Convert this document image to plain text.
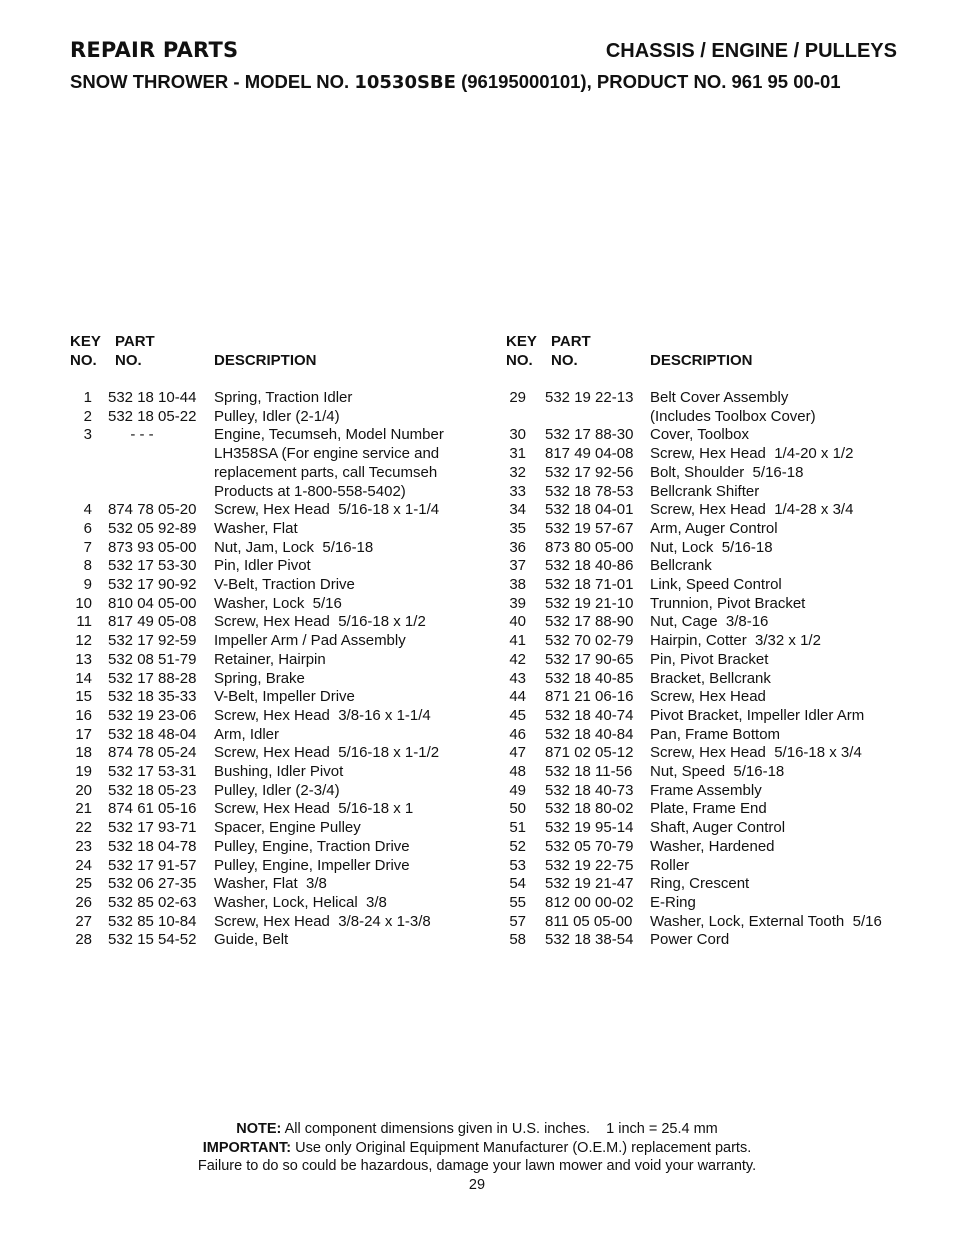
REPAIR PARTS	CHASSIS / ENGINE / PULLEYS
SNOW THROWER - MODEL NO. 10530SBE (96195000101), PRODUCT NO. 961 95 00-01
KEY
NO.
PART
NO.	DESCRIPTION
1	532 18 10-44	Spring, Traction Idler
2	532 18 05-22	Pulley, Idler (2-1/4)
3	- - -	Engine, Tecumseh, Model Number
LH358SA (For engine service and
replacement parts, call Tecumseh
Products at 1-800-558-5402)
4	874 78 05-20	Screw, Hex Head  5/16-18 x 1-1/4
6	532 05 92-89	Washer, Flat
7	873 93 05-00	Nut, Jam, Lock  5/16-18
8	532 17 53-30	Pin, Idler Pivot
9	532 17 90-92	V-Belt, Traction Drive
10	810 04 05-00	Washer, Lock  5/16
11	817 49 05-08	Screw, Hex Head  5/16-18 x 1/2
12	532 17 92-59	Impeller Arm / Pad Assembly
13	532 08 51-79	Retainer, Hairpin
14	532 17 88-28	Spring, Brake
15	532 18 35-33	V-Belt, Impeller Drive
16	532 19 23-06	Screw, Hex Head  3/8-16 x 1-1/4
17	532 18 48-04	Arm, Idler
18	874 78 05-24	Screw, Hex Head  5/16-18 x 1-1/2
19	532 17 53-31	Bushing, Idler Pivot
20	532 18 05-23	Pulley, Idler (2-3/4)
21	874 61 05-16	Screw, Hex Head  5/16-18 x 1
22	532 17 93-71	Spacer, Engine Pulley
23	532 18 04-78	Pulley, Engine, Traction Drive
24	532 17 91-57	Pulley, Engine, Impeller Drive
25	532 06 27-35	Washer, Flat  3/8
26	532 85 02-63	Washer, Lock, Helical  3/8
27	532 85 10-84	Screw, Hex Head  3/8-24 x 1-3/8
28	532 15 54-52	Guide, Belt
KEY
NO.
PART
NO.	DESCRIPTION
29	532 19 22-13	Belt Cover Assembly
(Includes Toolbox Cover)
30	532 17 88-30	Cover, Toolbox
31	817 49 04-08	Screw, Hex Head  1/4-20 x 1/2
32	532 17 92-56	Bolt, Shoulder  5/16-18
33	532 18 78-53	Bellcrank Shifter
34	532 18 04-01	Screw, Hex Head  1/4-28 x 3/4
35	532 19 57-67	Arm, Auger Control
36	873 80 05-00	Nut, Lock  5/16-18
37	532 18 40-86	Bellcrank
38	532 18 71-01	Link, Speed Control
39	532 19 21-10	Trunnion, Pivot Bracket
40	532 17 88-90	Nut, Cage  3/8-16
41	532 70 02-79	Hairpin, Cotter  3/32 x 1/2
42	532 17 90-65	Pin, Pivot Bracket
43	532 18 40-85	Bracket, Bellcrank
44	871 21 06-16	Screw, Hex Head
45	532 18 40-74	Pivot Bracket, Impeller Idler Arm
46	532 18 40-84	Pan, Frame Bottom
47	871 02 05-12	Screw, Hex Head  5/16-18 x 3/4
48	532 18 11-56	Nut, Speed  5/16-18
49	532 18 40-73	Frame Assembly
50	532 18 80-02	Plate, Frame End
51	532 19 95-14	Shaft, Auger Control
52	532 05 70-79	Washer, Hardened
53	532 19 22-75	Roller
54	532 19 21-47	Ring, Crescent
55	812 00 00-02	E-Ring
57	811 05 05-00	Washer, Lock, External Tooth  5/16
58	532 18 38-54	Power Cord
NOTE: All component dimensions given in U.S. inches.    1 inch = 25.4 mm
IMPORTANT: Use only Original Equipment Manufacturer (O.E.M.) replacement parts.
Failure to do so could be hazardous, damage your lawn mower and void your warranty.
29
